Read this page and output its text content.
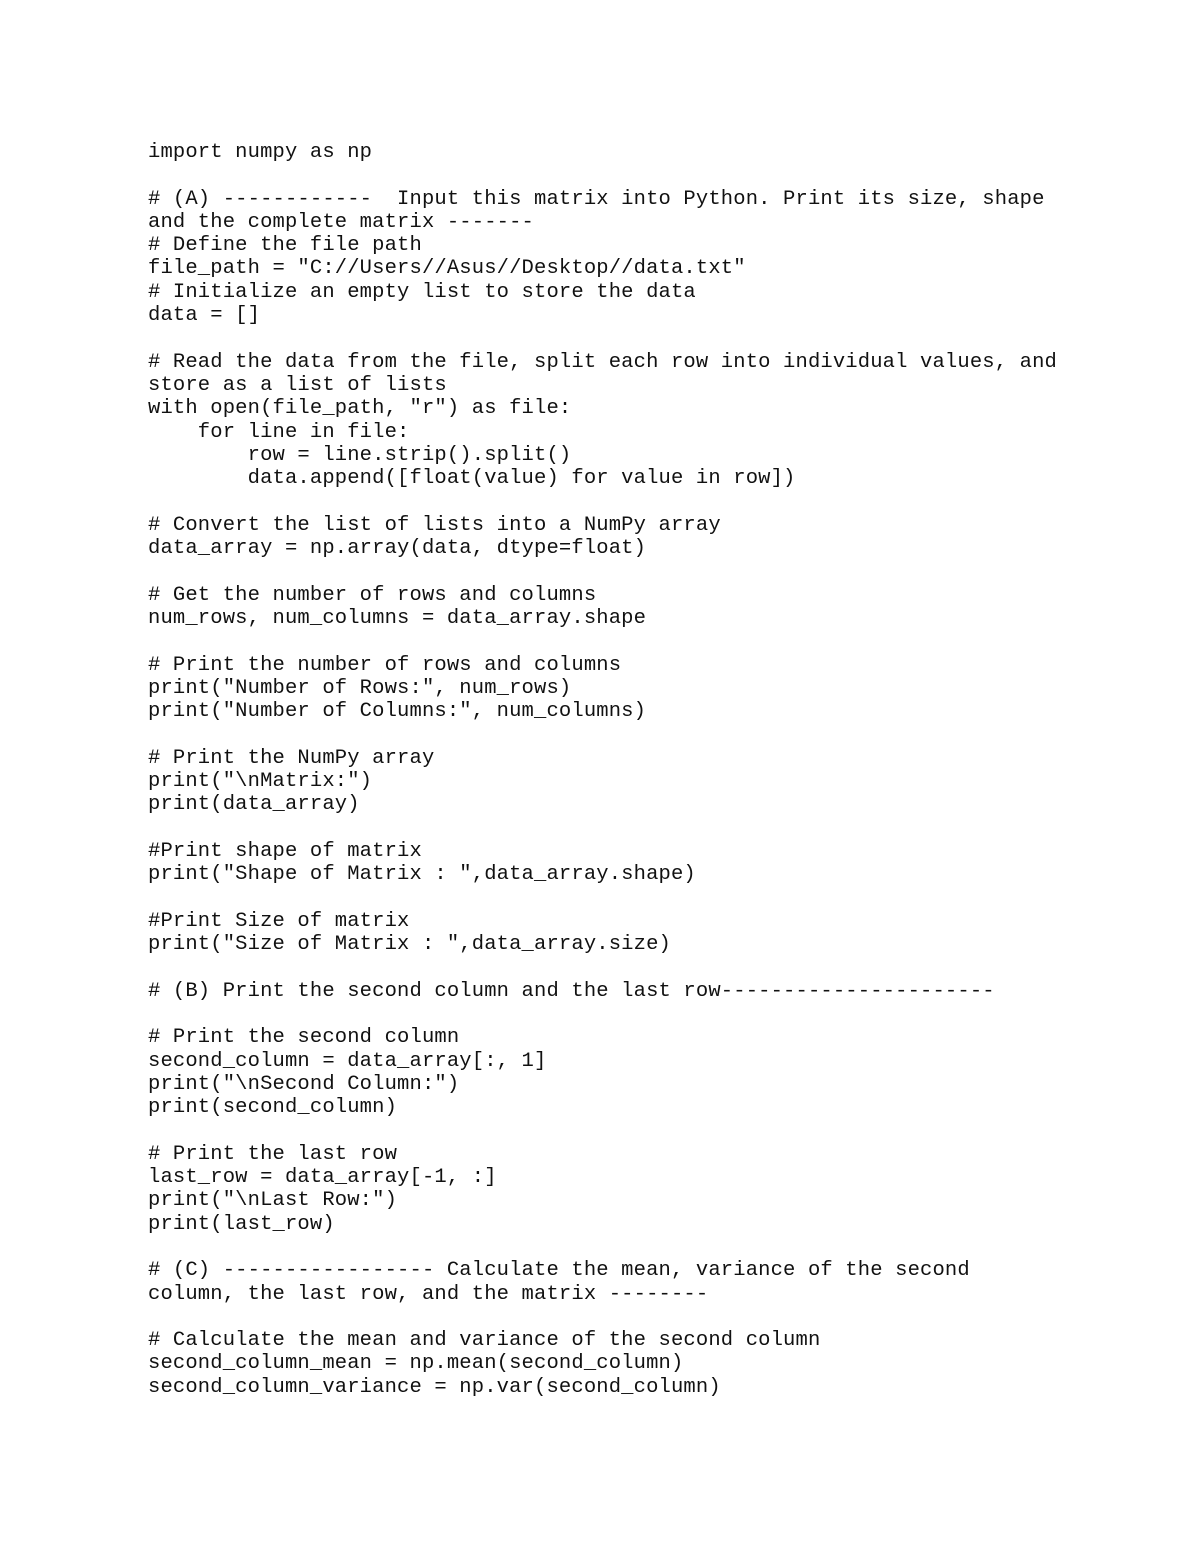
import numpy as np
# (A) ------------  Input this matrix into Python. Print its size, shape
and the complete matrix -------
# Define the file path
file_path = "C://Users//Asus//Desktop//data.txt"
# Initialize an empty list to store the data
data = []
# Read the data from the file, split each row into individual values, and
store as a list of lists
with open(file_path, "r") as file:
for line in file:
row = line.strip().split()
data.append([float(value) for value in row])
# Convert the list of lists into a NumPy array
data_array = np.array(data, dtype=float)
# Get the number of rows and columns
num_rows, num_columns = data_array.shape
# Print the number of rows and columns
print("Number of Rows:", num_rows)
print("Number of Columns:", num_columns)
# Print the NumPy array
print("\nMatrix:")
print(data_array)
#Print shape of matrix
print("Shape of Matrix : ",data_array.shape)
#Print Size of matrix
print("Size of Matrix : ",data_array.size)
# (B) Print the second column and the last row----------------------
# Print the second column
second_column = data_array[:, 1]
print("\nSecond Column:")
print(second_column)
# Print the last row
last_row = data_array[-1, :]
print("\nLast Row:")
print(last_row)
# (C) ----------------- Calculate the mean, variance of the second
column, the last row, and the matrix --------
# Calculate the mean and variance of the second column
second_column_mean = np.mean(second_column)
second_column_variance = np.var(second_column)
